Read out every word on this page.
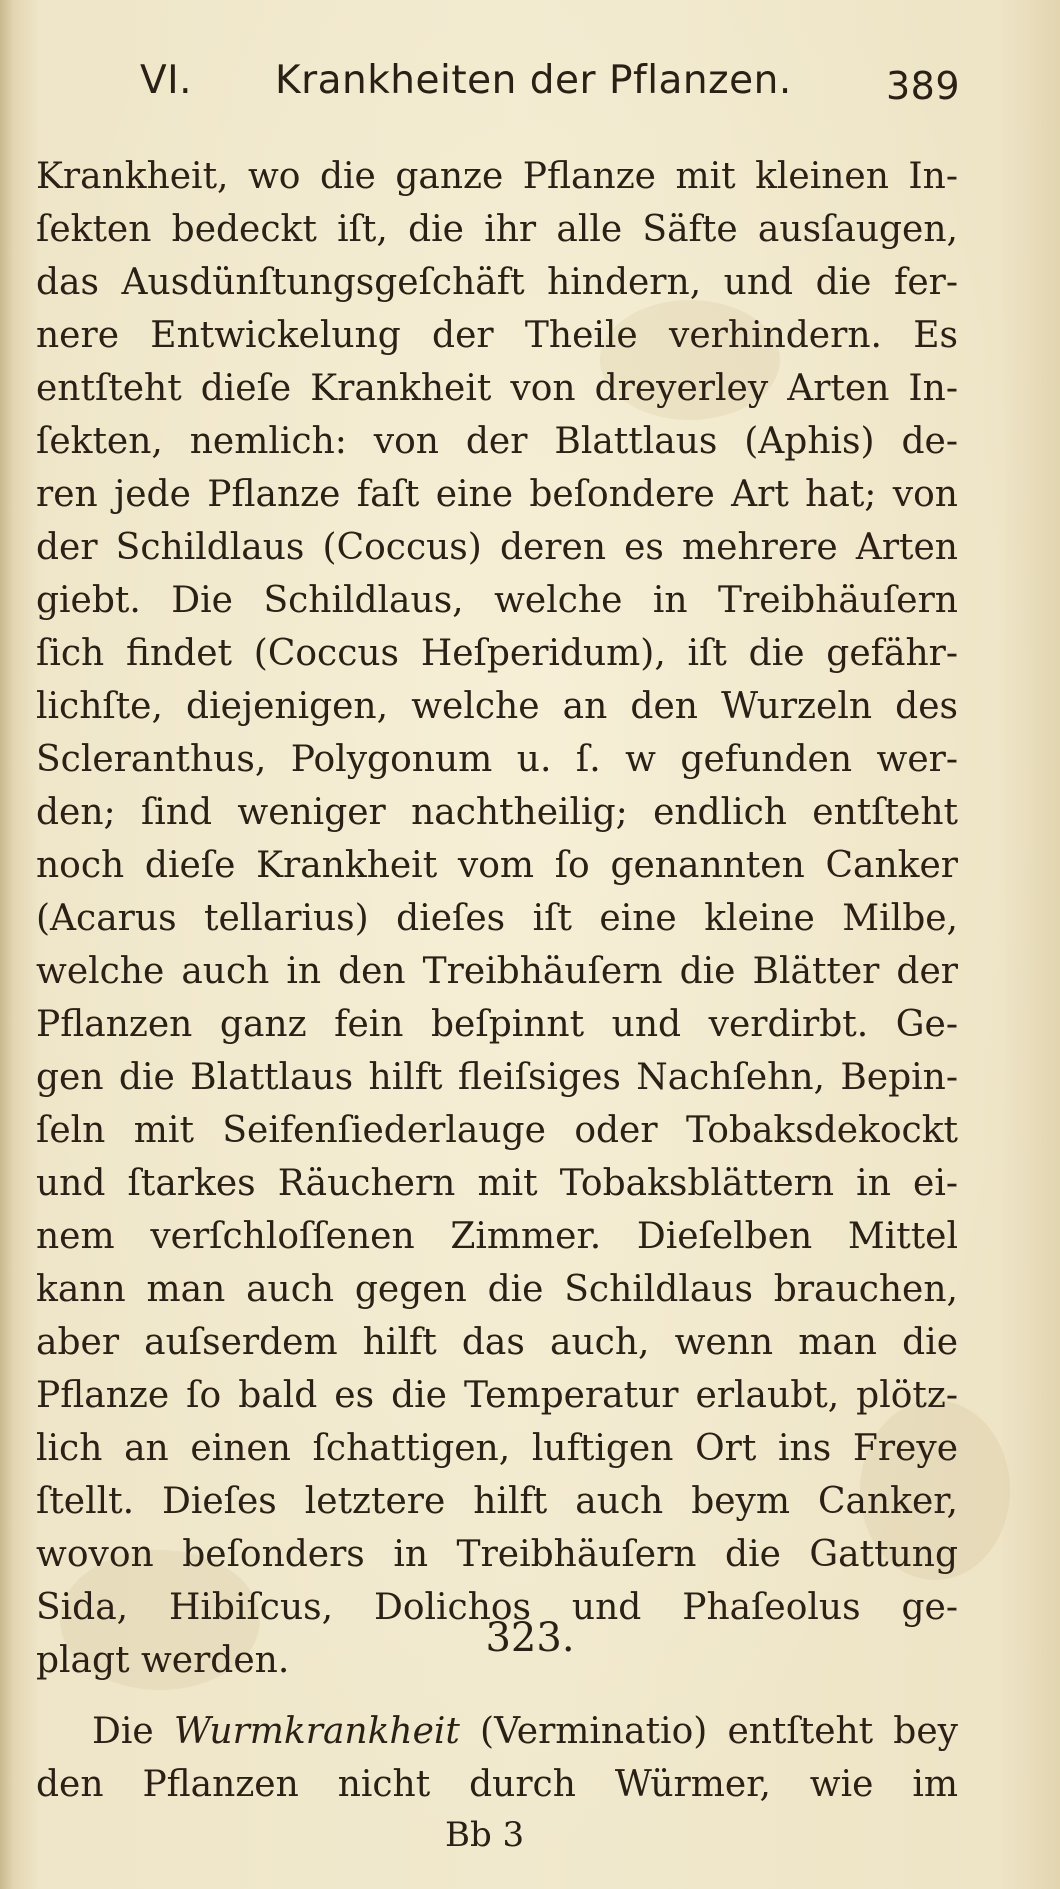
VI. Krankheiten der Pflanzen. 389
Krankheit, wo die ganze Pflanze mit kleinen In-
ſekten bedeckt iſt, die ihr alle Säfte ausſaugen,
das Ausdünſtungsgeſchäft hindern, und die fer-
nere Entwickelung der Theile verhindern. Es
entſteht dieſe Krankheit von dreyerley Arten In-
ſekten, nemlich: von der Blattlaus (Aphis) de-
ren jede Pflanze faſt eine beſondere Art hat; von
der Schildlaus (Coccus) deren es mehrere Arten
giebt. Die Schildlaus, welche in Treibhäuſern
ſich findet (Coccus Heſperidum), iſt die gefähr-
lichſte, diejenigen, welche an den Wurzeln des
Scleranthus, Polygonum u. ſ. w gefunden wer-
den; ſind weniger nachtheilig; endlich entſteht
noch dieſe Krankheit vom ſo genannten Canker
(Acarus tellarius) dieſes iſt eine kleine Milbe,
welche auch in den Treibhäuſern die Blätter der
Pflanzen ganz fein beſpinnt und verdirbt. Ge-
gen die Blattlaus hilft fleiſsiges Nachſehn, Bepin-
ſeln mit Seifenſiederlauge oder Tobaksdekockt
und ſtarkes Räuchern mit Tobaksblättern in ei-
nem verſchloſſenen Zimmer. Dieſelben Mittel
kann man auch gegen die Schildlaus brauchen,
aber auſserdem hilft das auch, wenn man die
Pflanze ſo bald es die Temperatur erlaubt, plötz-
lich an einen ſchattigen, luftigen Ort ins Freye
ſtellt. Dieſes letztere hilft auch beym Canker,
wovon beſonders in Treibhäuſern die Gattung
Sida, Hibiſcus, Dolichos und Phaſeolus ge-
plagt werden.	323.
Die Wurmkrankheit (Verminatio) entſteht bey
den Pflanzen nicht durch Würmer, wie im
Bb 3
